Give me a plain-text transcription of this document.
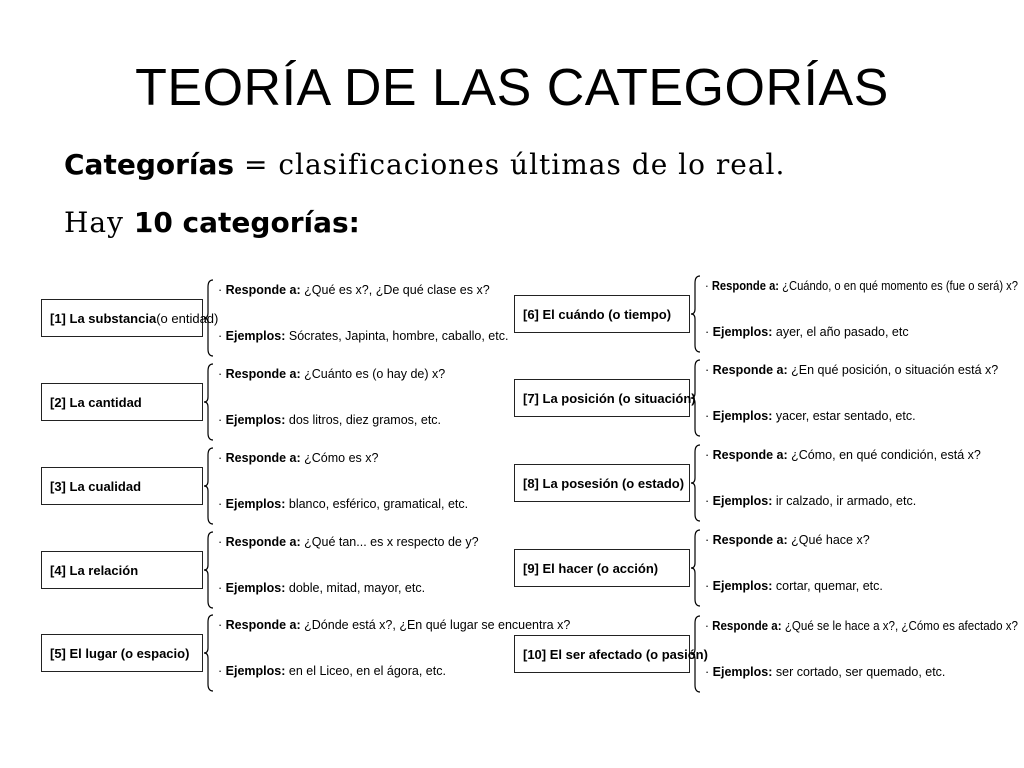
TEORÍA DE LAS CATEGORÍAS
Categorías = clasificaciones últimas de lo real.
Hay 10 categorías:
[1] La substancia (o entidad)
· Responde a: ¿Qué es x?, ¿De qué clase es x?
· Ejemplos: Sócrates, Japinta, hombre, caballo, etc.
[2] La cantidad
· Responde a: ¿Cuánto es (o hay de) x?
· Ejemplos: dos litros, diez gramos, etc.
[3] La cualidad
· Responde a: ¿Cómo es x?
· Ejemplos: blanco, esférico, gramatical, etc.
[4] La relación
· Responde a: ¿Qué tan... es x respecto de y?
· Ejemplos: doble, mitad, mayor, etc.
[5] El lugar (o espacio)
· Responde a: ¿Dónde está x?, ¿En qué lugar se encuentra x?
· Ejemplos: en el Liceo, en el ágora, etc.
[6] El cuándo (o tiempo)
· Responde a: ¿Cuándo, o en qué momento es (fue o será) x?
· Ejemplos: ayer, el año pasado, etc
[7] La posición (o situación)
· Responde a: ¿En qué posición, o situación está x?
· Ejemplos: yacer, estar sentado, etc.
[8] La posesión (o estado)
· Responde a: ¿Cómo, en qué condición, está x?
· Ejemplos: ir calzado, ir armado, etc.
[9] El hacer (o acción)
· Responde a: ¿Qué hace x?
· Ejemplos: cortar, quemar, etc.
[10] El ser afectado (o pasión)
· Responde a: ¿Qué se le hace a x?, ¿Cómo es afectado x?
· Ejemplos: ser cortado, ser quemado, etc.
